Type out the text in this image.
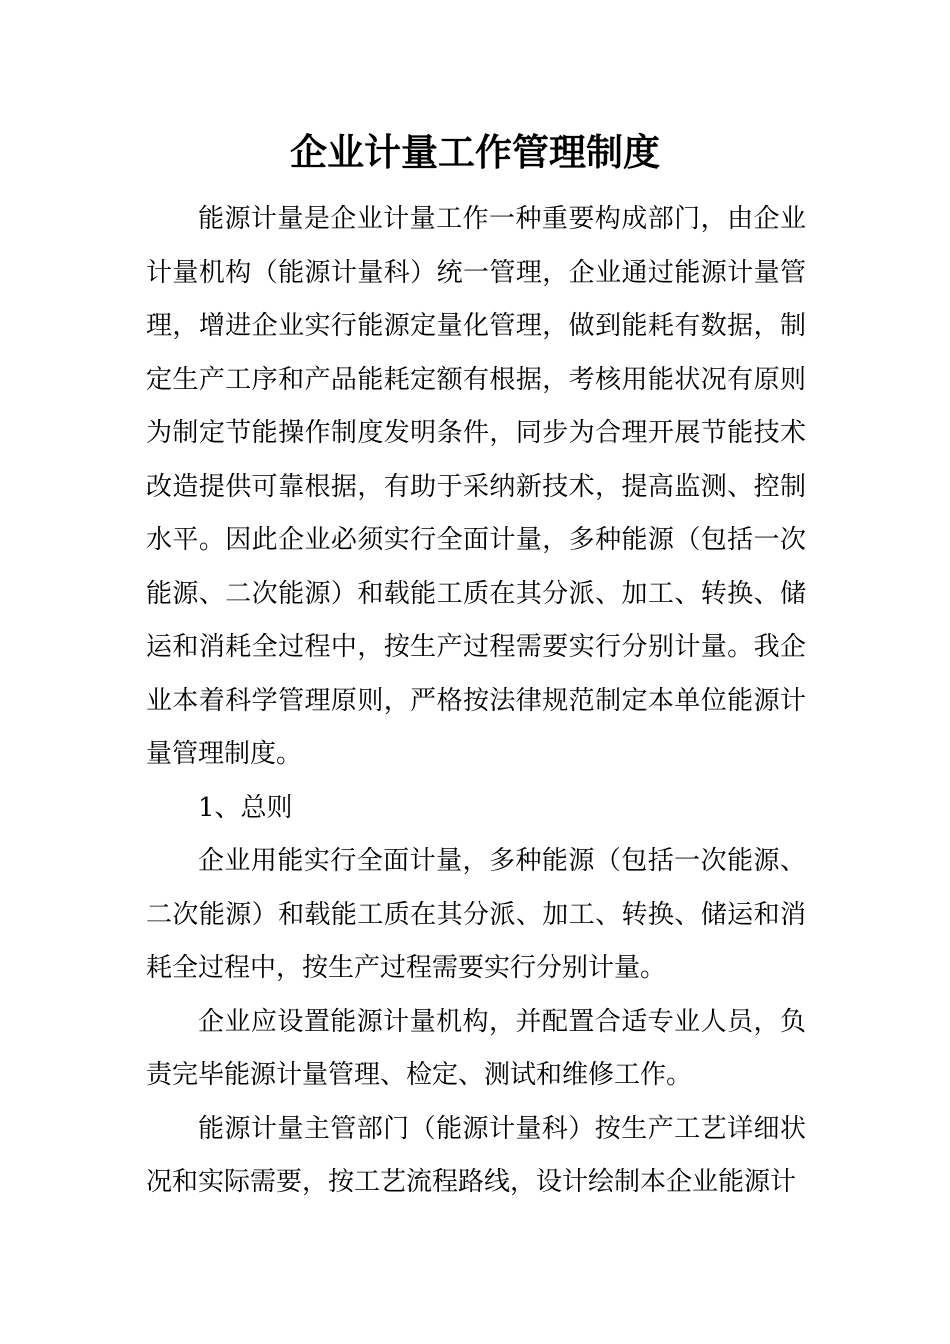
企业计量工作管理制度

能源计量是企业计量工作一种重要构成部门，由企业计量机构（能源计量科）统一管理，企业通过能源计量管理，增进企业实行能源定量化管理，做到能耗有数据，制定生产工序和产品能耗定额有根据，考核用能状况有原则为制定节能操作制度发明条件，同步为合理开展节能技术改造提供可靠根据，有助于采纳新技术，提高监测、控制水平。因此企业必须实行全面计量，多种能源（包括一次能源、二次能源）和载能工质在其分派、加工、转换、储运和消耗全过程中，按生产过程需要实行分别计量。我企业本着科学管理原则，严格按法律规范制定本单位能源计量管理制度。

1、总则

企业用能实行全面计量，多种能源（包括一次能源、二次能源）和载能工质在其分派、加工、转换、储运和消耗全过程中，按生产过程需要实行分别计量。

企业应设置能源计量机构，并配置合适专业人员，负责完毕能源计量管理、检定、测试和维修工作。

能源计量主管部门（能源计量科）按生产工艺详细状况和实际需要，按工艺流程路线，设计绘制本企业能源计
